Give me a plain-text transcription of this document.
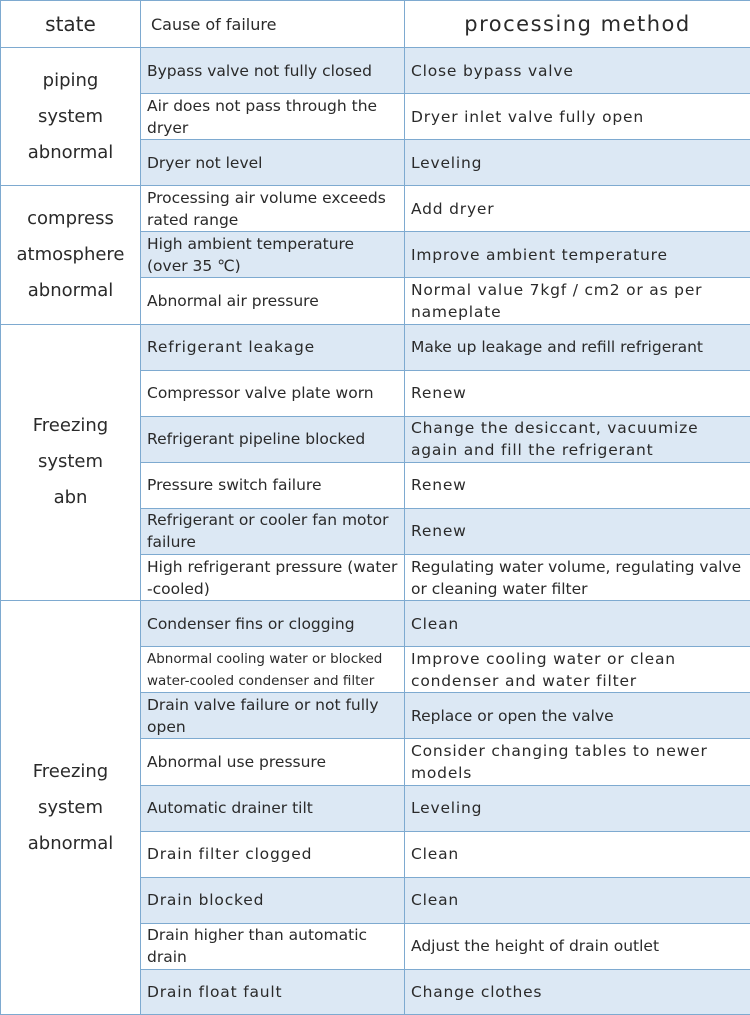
state	Cause of failure	processing method

piping
system
abnormal	Bypass valve not fully closed	Close bypass valve
	Air does not pass through the dryer	Dryer inlet valve fully open
	Dryer not level	Leveling

compress
atmosphere
abnormal	Processing air volume exceeds rated range	Add dryer
	High ambient temperature (over 35 ℃)	Improve ambient temperature
	Abnormal air pressure	Normal value 7kgf / cm2 or as per nameplate

Freezing
system
abn	Refrigerant leakage	Make up leakage and refill refrigerant
	Compressor valve plate worn	Renew
	Refrigerant pipeline blocked	Change the desiccant, vacuumize again and fill the refrigerant
	Pressure switch failure	Renew
	Refrigerant or cooler fan motor failure	Renew
	High refrigerant pressure (water -cooled)	Regulating water volume, regulating valve or cleaning water filter

Freezing
system
abnormal	Condenser fins or clogging	Clean
	Abnormal cooling water or blocked water-cooled condenser and filter	Improve cooling water or clean condenser and water filter
	Drain valve failure or not fully open	Replace or open the valve
	Abnormal use pressure	Consider changing tables to newer models
	Automatic drainer tilt	Leveling
	Drain filter clogged	Clean
	Drain blocked	Clean
	Drain higher than automatic drain	Adjust the height of drain outlet
	Drain float fault	Change clothes
